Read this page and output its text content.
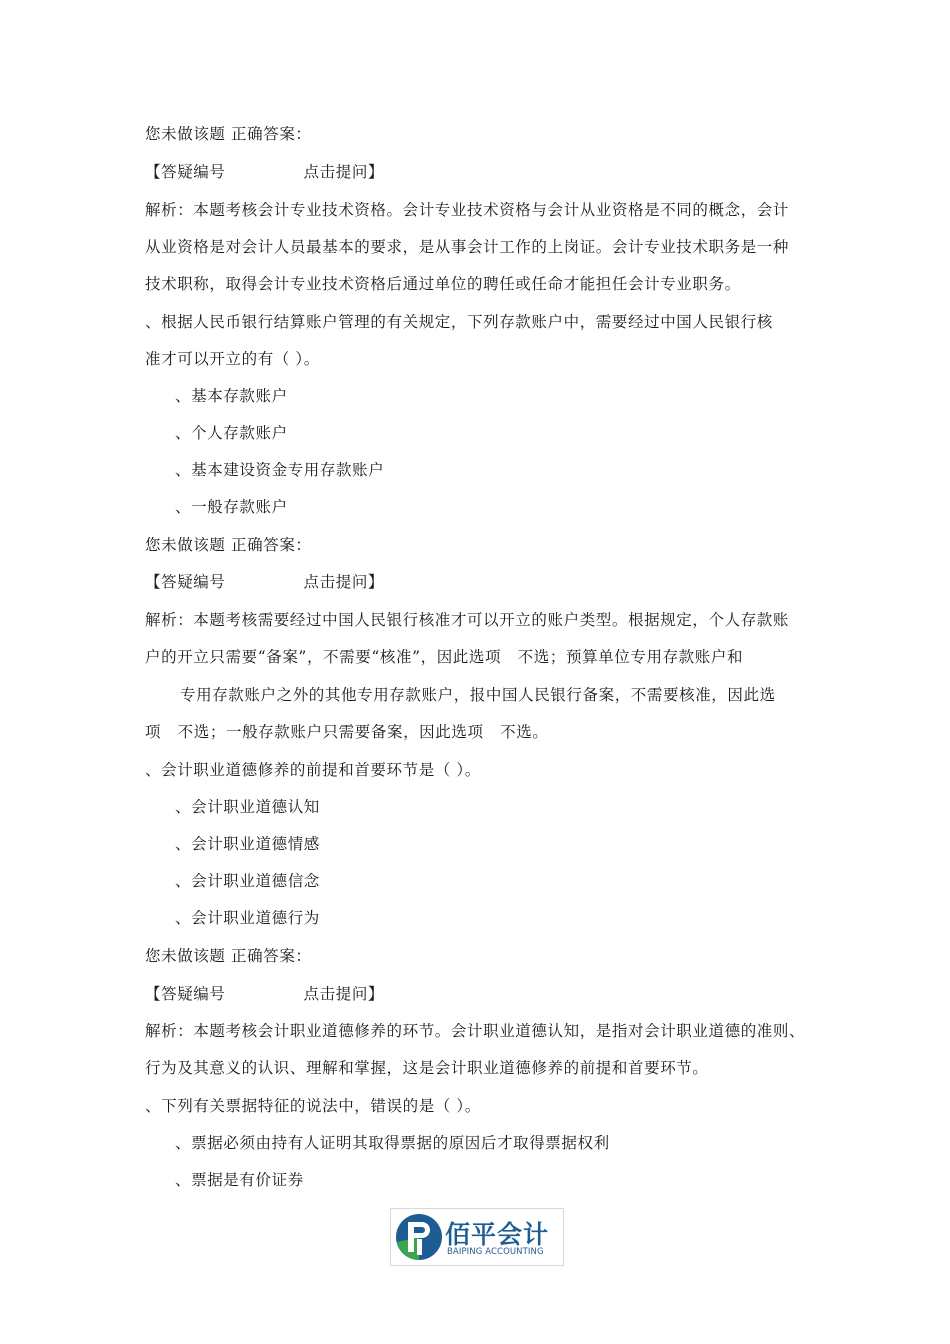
您未做该题 正确答案：
【答疑编号	点击提问】
解析：本题考核会计专业技术资格。会计专业技术资格与会计从业资格是不同的概念，会计
从业资格是对会计人员最基本的要求，是从事会计工作的上岗证。会计专业技术职务是一种
技术职称，取得会计专业技术资格后通过单位的聘任或任命才能担任会计专业职务。
、根据人民币银行结算账户管理的有关规定，下列存款账户中，需要经过中国人民银行核
准才可以开立的有（ ）。
、基本存款账户
、个人存款账户
、基本建设资金专用存款账户
、一般存款账户
您未做该题 正确答案：
【答疑编号	点击提问】
解析：本题考核需要经过中国人民银行核准才可以开立的账户类型。根据规定，个人存款账
户的开立只需要“备案”，不需要“核准”，因此选项   不选；预算单位专用存款账户和
专用存款账户之外的其他专用存款账户，报中国人民银行备案，不需要核准，因此选
项   不选；一般存款账户只需要备案，因此选项   不选。
、会计职业道德修养的前提和首要环节是（ ）。
、会计职业道德认知
、会计职业道德情感
、会计职业道德信念
、会计职业道德行为
您未做该题 正确答案：
【答疑编号	点击提问】
解析：本题考核会计职业道德修养的环节。会计职业道德认知，是指对会计职业道德的准则、
行为及其意义的认识、理解和掌握，这是会计职业道德修养的前提和首要环节。
、下列有关票据特征的说法中，错误的是（ ）。
、票据必须由持有人证明其取得票据的原因后才取得票据权利
、票据是有价证券
佰平会计
BAIPING ACCOUNTING
